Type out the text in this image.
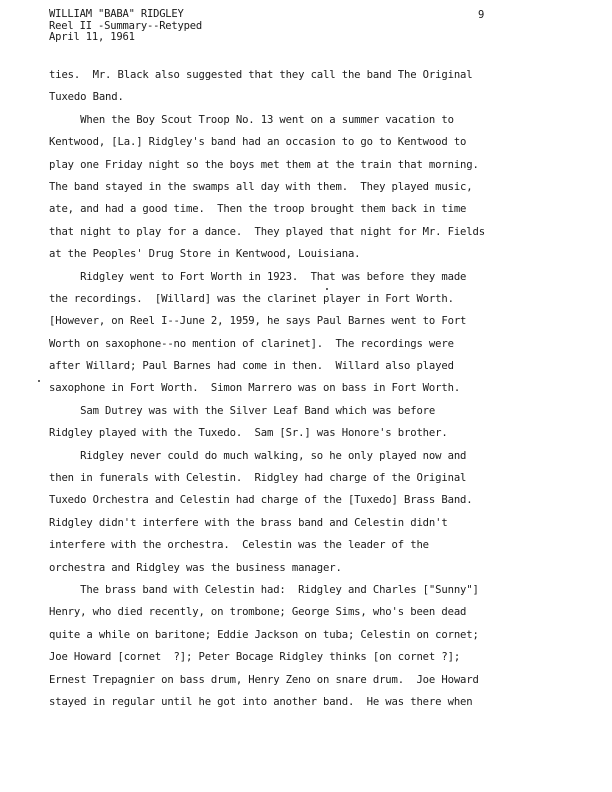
WILLIAM "BABA" RIDGLEY
Reel II -Summary--Retyped
April 11, 1961
9
ties.  Mr. Black also suggested that they call the band The Original
Tuxedo Band.
When the Boy Scout Troop No. 13 went on a summer vacation to
Kentwood, [La.] Ridgley's band had an occasion to go to Kentwood to
play one Friday night so the boys met them at the train that morning.
The band stayed in the swamps all day with them.  They played music,
ate, and had a good time.  Then the troop brought them back in time
that night to play for a dance.  They played that night for Mr. Fields
at the Peoples' Drug Store in Kentwood, Louisiana.
Ridgley went to Fort Worth in 1923.  That was before they made
the recordings.  [Willard] was the clarinet player in Fort Worth.
[However, on Reel I--June 2, 1959, he says Paul Barnes went to Fort
Worth on saxophone--no mention of clarinet].  The recordings were
after Willard; Paul Barnes had come in then.  Willard also played
saxophone in Fort Worth.  Simon Marrero was on bass in Fort Worth.
Sam Dutrey was with the Silver Leaf Band which was before
Ridgley played with the Tuxedo.  Sam [Sr.] was Honore's brother.
Ridgley never could do much walking, so he only played now and
then in funerals with Celestin.  Ridgley had charge of the Original
Tuxedo Orchestra and Celestin had charge of the [Tuxedo] Brass Band.
Ridgley didn't interfere with the brass band and Celestin didn't
interfere with the orchestra.  Celestin was the leader of the
orchestra and Ridgley was the business manager.
The brass band with Celestin had:  Ridgley and Charles ["Sunny"]
Henry, who died recently, on trombone; George Sims, who's been dead
quite a while on baritone; Eddie Jackson on tuba; Celestin on cornet;
Joe Howard [cornet  ?]; Peter Bocage Ridgley thinks [on cornet ?];
Ernest Trepagnier on bass drum, Henry Zeno on snare drum.  Joe Howard
stayed in regular until he got into another band.  He was there when
